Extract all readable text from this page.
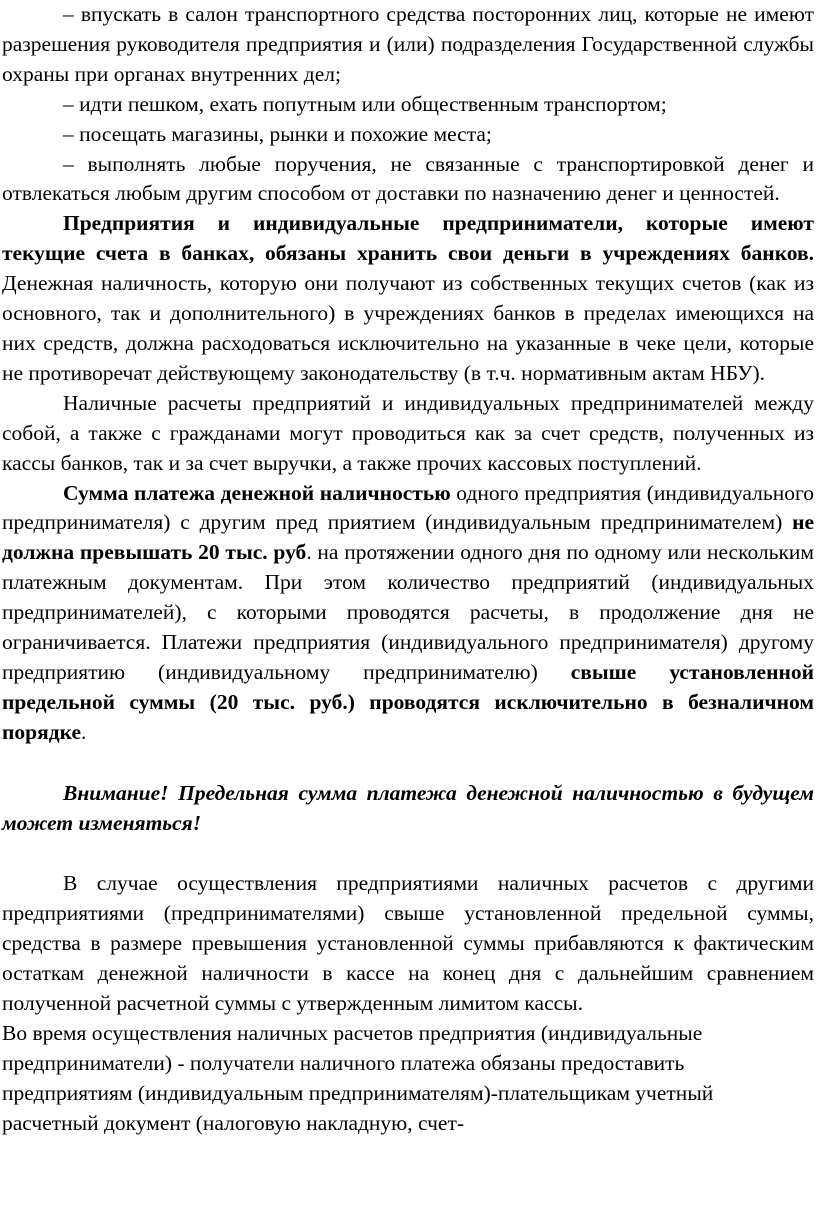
– впускать в салон транспортного средства посторонних лиц, которые не имеют разрешения руководителя предприятия и (или) подразделения Государственной службы охраны при органах внутренних дел;

– идти пешком, ехать попутным или общественным транспортом;

– посещать магазины, рынки и похожие места;

– выполнять любые поручения, не связанные с транспортировкой денег и отвлекаться любым другим способом от доставки по назначению денег и ценностей.

Предприятия и индивидуальные предприниматели, которые имеют текущие счета в банках, обязаны хранить свои деньги в учреждениях банков. Денежная наличность, которую они получают из собственных текущих счетов (как из основного, так и дополнительного) в учреждениях банков в пределах имеющихся на них средств, должна расходоваться исключительно на указанные в чеке цели, которые не противоречат действующему законодательству (в т.ч. нормативным актам НБУ).

Наличные расчеты предприятий и индивидуальных предпринимателей между собой, а также с гражданами могут проводиться как за счет средств, полученных из кассы банков, так и за счет выручки, а также прочих кассовых поступлений.

Сумма платежа денежной наличностью одного предприятия (индивидуального предпринимателя) с другим пред приятием (индивидуальным предпринимателем) не должна превышать 20 тыс. руб. на протяжении одного дня по одному или нескольким платежным документам. При этом количество предприятий (индивидуальных предпринимателей), с которыми проводятся расчеты, в продолжение дня не ограничивается. Платежи предприятия (индивидуального предпринимателя) другому предприятию (индивидуальному предпринимателю) свыше установленной предельной суммы (20 тыс. руб.) проводятся исключительно в безналичном порядке.

Внимание! Предельная сумма платежа денежной наличностью в будущем может изменяться!

В случае осуществления предприятиями наличных расчетов с другими предприятиями (предпринимателями) свыше установленной предельной суммы, средства в размере превышения установленной суммы прибавляются к фактическим остаткам денежной наличности в кассе на конец дня с дальнейшим сравнением полученной расчетной суммы с утвержденным лимитом кассы.

Во время осуществления наличных расчетов предприятия (индивидуальные предприниматели) - получатели наличного платежа обязаны предоставить предприятиям (индивидуальным предпринимателям)-плательщикам учетный расчетный документ (налоговую накладную, счет-
